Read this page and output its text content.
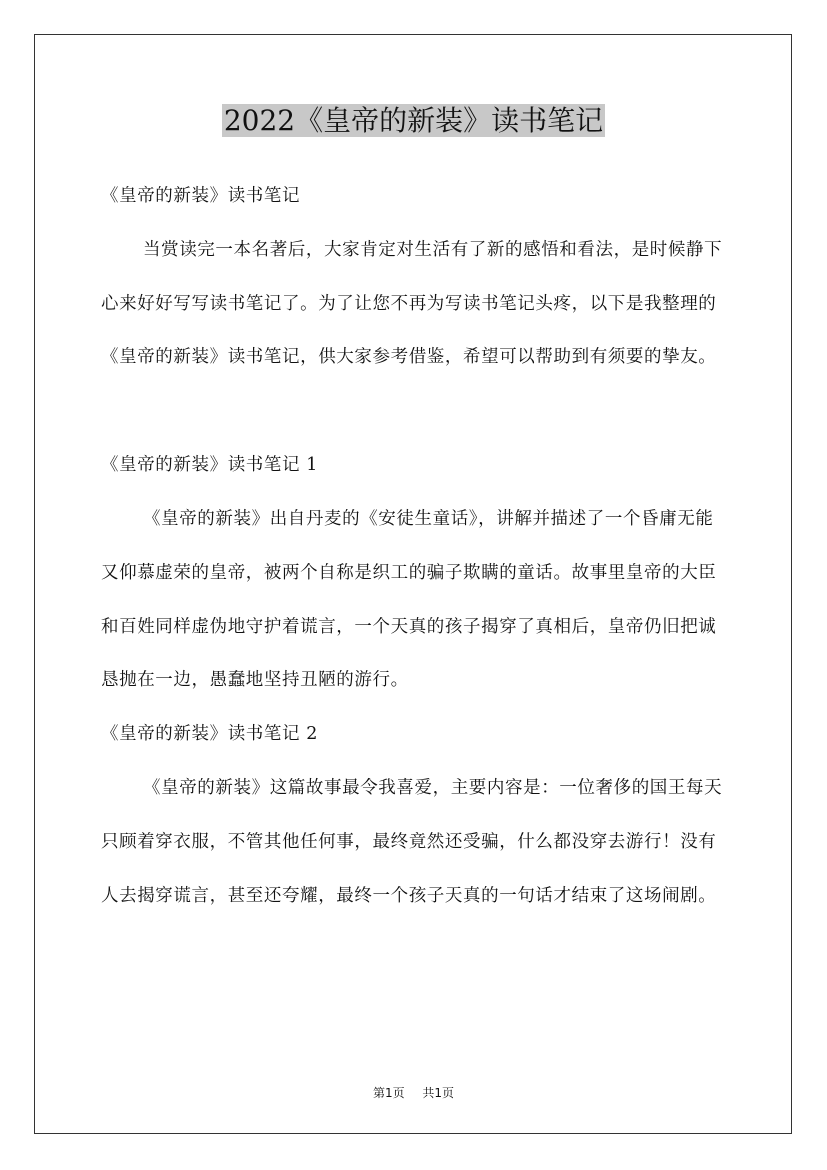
2022《皇帝的新装》读书笔记

《皇帝的新装》读书笔记

当赏读完一本名著后，大家肯定对生活有了新的感悟和看法，是时候静下心来好好写写读书笔记了。为了让您不再为写读书笔记头疼，以下是我整理的《皇帝的新装》读书笔记，供大家参考借鉴，希望可以帮助到有须要的挚友。

《皇帝的新装》读书笔记 1

《皇帝的新装》出自丹麦的《安徒生童话》，讲解并描述了一个昏庸无能又仰慕虚荣的皇帝，被两个自称是织工的骗子欺瞒的童话。故事里皇帝的大臣和百姓同样虚伪地守护着谎言，一个天真的孩子揭穿了真相后，皇帝仍旧把诚恳抛在一边，愚蠢地坚持丑陋的游行。

《皇帝的新装》读书笔记 2

《皇帝的新装》这篇故事最令我喜爱，主要内容是：一位奢侈的国王每天只顾着穿衣服，不管其他任何事，最终竟然还受骗，什么都没穿去游行！没有人去揭穿谎言，甚至还夸耀，最终一个孩子天真的一句话才结束了这场闹剧。

第1页 共1页
